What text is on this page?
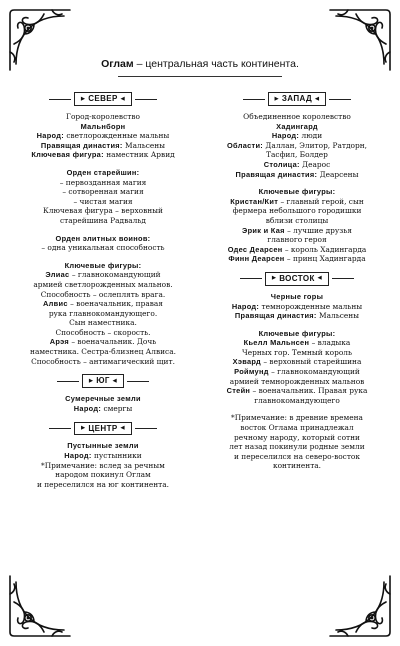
Оглам – центральная часть континента.
▶ СЕВЕР ◀

Город-королевство

Мальнборн

Народ: светлорожденные мальны

Правящая династия: Мальсены

Ключевая фигура: наместник Арвид

Орден старейшин:

– первозданная магия

– сотворенная магия

– чистая магия

Ключевая фигура – верховный

старейшина Радвальд

Орден элитных воинов:

– одна уникальная способность

Ключевые фигуры:

Элиас – главнокомандующий

армией светлорожденных мальнов.

Способность – ослеплять врага.

Алвис – военачальник, правая

рука главнокомандующего.

Сын наместника.

Способность – скорость.

Арэя – военачальник. Дочь

наместника. Сестра-близнец Алвиса.

Способность – антимагический щит.

▶ ЮГ ◀

Сумеречные земли

Народ: смергы

▶ ЦЕНТР ◀

Пустынные земли

Народ: пустынники

*Примечание: вслед за речным

народом покинул Оглам

и переселился на юг континента.

▶ ЗАПАД ◀

Объединенное королевство

Хадингард

Народ: люди

Области: Даллан, Элитор, Ратдорн,

Тасфил, Болдер

Столица: Деарос

Правящая династия: Деарсены

Ключевые фигуры:

Кристан/Кит – главный герой, сын

фермера небольшого городишки

вблизи столицы

Эрик и Кая – лучшие друзья

главного героя

Одес Деарсен – король Хадингарда

Финн Деарсен – принц Хадингарда

▶ ВОСТОК ◀

Черные горы

Народ: темнорожденные мальны

Правящая династия: Мальсены

Ключевые фигуры:

Кьелл Мальнсен – владыка

Черных гор. Темный король

Хэвард – верховный старейшина

Роймунд – главнокомандующий

армией темнорожденных мальнов

Стейн – военачальник. Правая рука

главнокомандующего

*Примечание: в древние времена

восток Оглама принадлежал

речному народу, который сотни

лет назад покинули родные земли

и переселился на северо-восток

континента.
